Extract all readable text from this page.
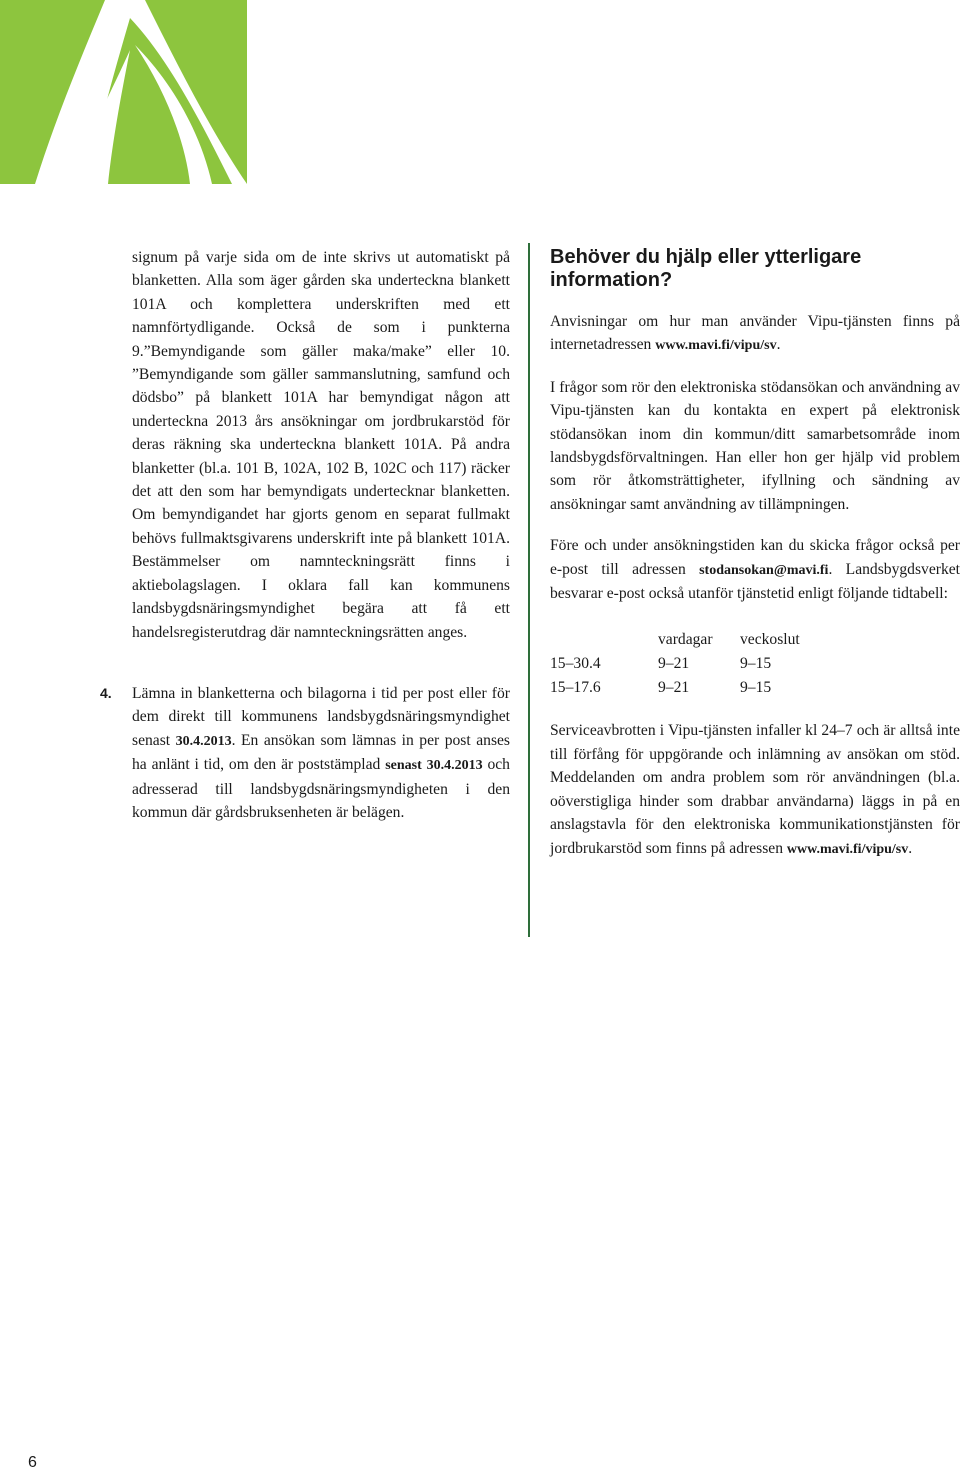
signum på varje sida om de inte skrivs ut automatiskt på blanketten. Alla som äger gården ska underteckna blankett 101A och komplettera underskriften med ett namnförtydligande. Också de som i punkterna 9.”Bemyndigande som gäller maka/make” eller 10. ”Bemyndigande som gäller sammanslutning, samfund och dödsbo” på blankett 101A har bemyndigat någon att underteckna 2013 års ansökningar om jordbrukarstöd för deras räkning ska underteckna blankett 101A. På andra blanketter (bl.a. 101 B, 102A, 102 B, 102C och 117) räcker det att den som har bemyndigats undertecknar blanketten. Om bemyndigandet har gjorts genom en separat fullmakt behövs fullmaktsgivarens underskrift inte på blankett 101A. Bestämmelser om namnteckningsrätt finns i aktiebolagslagen. I oklara fall kan kommunens landsbygdsnäringsmyndighet begära att få ett handelsregisterutdrag där namnteckningsrätten anges.

4. Lämna in blanketterna och bilagorna i tid per post eller för dem direkt till kommunens landsbygdsnäringsmyndighet senast 30.4.2013. En ansökan som lämnas in per post anses ha anlänt i tid, om den är poststämplad senast 30.4.2013 och adresserad till landsbygdsnäringsmyndigheten i den kommun där gårdsbruksenheten är belägen.
Behöver du hjälp eller ytterligare information?

Anvisningar om hur man använder Vipu-tjänsten finns på internetadressen www.mavi.fi/vipu/sv.

I frågor som rör den elektroniska stödansökan och användning av Vipu-tjänsten kan du kontakta en expert på elektronisk stödansökan inom din kommun/ditt samarbetsområde inom landsbygdsförvaltningen. Han eller hon ger hjälp vid problem som rör åtkomsträttigheter, ifyllning och sändning av ansökningar samt användning av tillämpningen.

Före och under ansökningstiden kan du skicka frågor också per e-post till adressen stodansokan@mavi.fi. Landsbygdsverket besvarar e-post också utanför tjänstetid enligt följande tidtabell:

	vardagar	veckoslut
15–30.4	9–21	9–15
15–17.6	9–21	9–15

Serviceavbrotten i Vipu-tjänsten infaller kl 24–7 och är alltså inte till förfång för uppgörande och inlämning av ansökan om stöd. Meddelanden om andra problem som rör användningen (bl.a. oöverstigliga hinder som drabbar användarna) läggs in på en anslagstavla för den elektroniska kommunikationstjänsten för jordbrukarstöd som finns på adressen www.mavi.fi/vipu/sv.

6
